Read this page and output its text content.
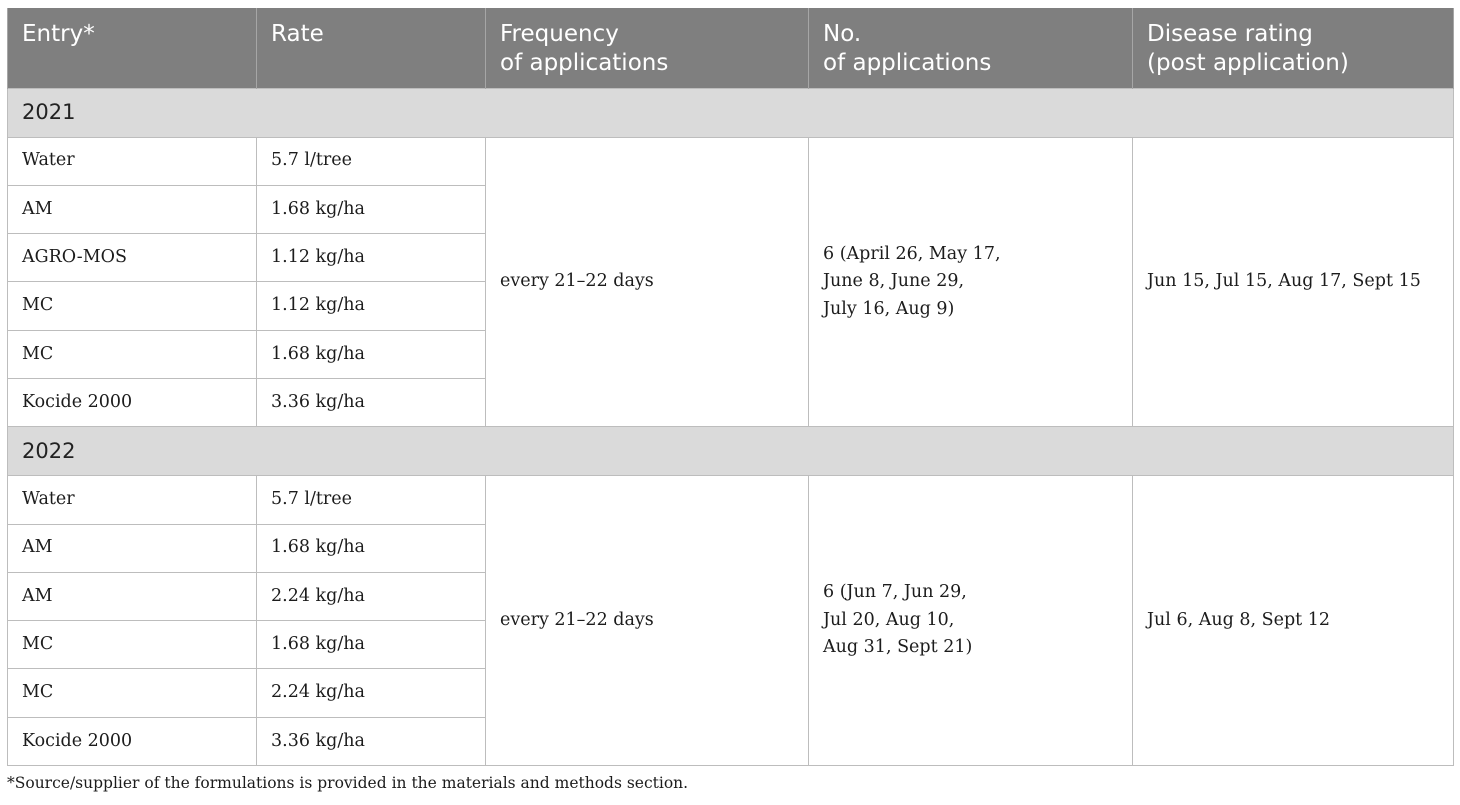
Entry*	Rate	Frequency
of applications	No.
of applications	Disease rating
(post application)
2021				
Water	5.7 l/tree	every 21–22 days	6 (April 26, May 17,
June 8, June 29,
July 16, Aug 9)	Jun 15, Jul 15, Aug 17, Sept 15
AM	1.68 kg/ha			
AGRO-MOS	1.12 kg/ha			
MC	1.12 kg/ha			
MC	1.68 kg/ha			
Kocide 2000	3.36 kg/ha			
2022				
Water	5.7 l/tree	every 21–22 days	6 (Jun 7, Jun 29,
Jul 20, Aug 10,
Aug 31, Sept 21)	Jul 6, Aug 8, Sept 12
AM	1.68 kg/ha			
AM	2.24 kg/ha			
MC	1.68 kg/ha			
MC	2.24 kg/ha			
Kocide 2000	3.36 kg/ha			
*Source/supplier of the formulations is provided in the materials and methods section.
